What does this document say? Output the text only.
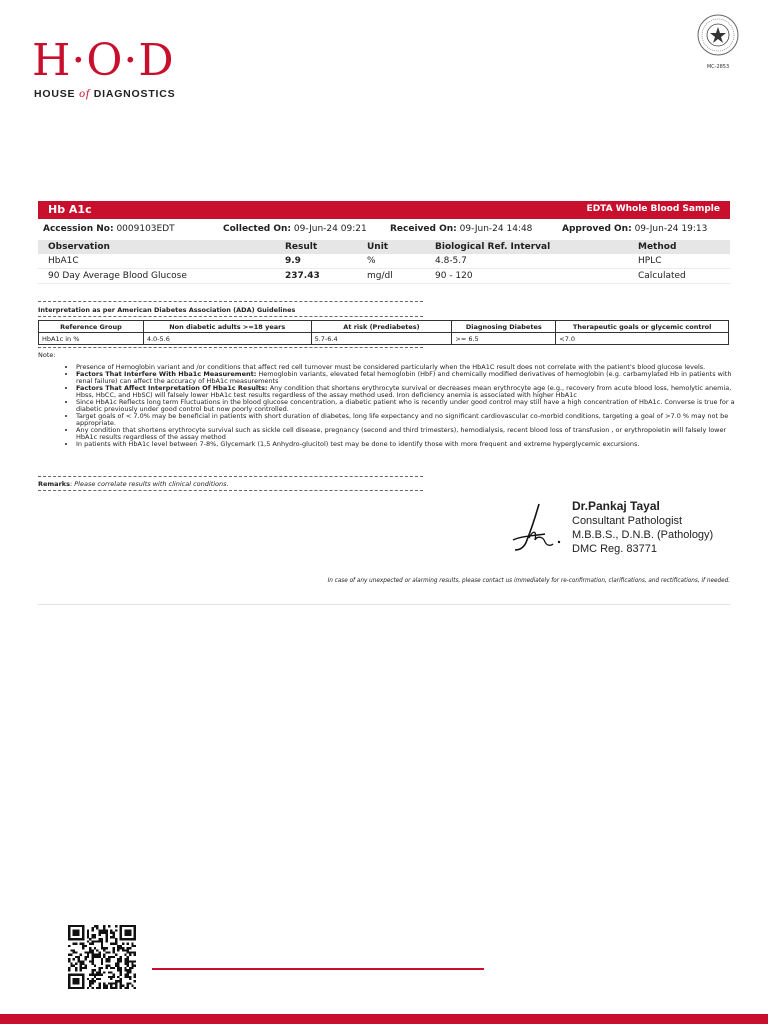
H·O·D
HOUSE of DIAGNOSTICS
MC-2853
Hb A1c	EDTA Whole Blood Sample
Accession No: 0009103EDT	Collected On: 09-Jun-24 09:21	Received On: 09-Jun-24 14:48	Approved On: 09-Jun-24 19:13
Observation	Result	Unit	Biological Ref. Interval	Method
HbA1C	9.9	%	4.8-5.7	HPLC
90 Day Average Blood Glucose	237.43	mg/dl	90 - 120	Calculated
Interpretation as per American Diabetes Association (ADA) Guidelines
Reference Group	Non diabetic adults >=18 years	At risk (Prediabetes)	Diagnosing Diabetes	Therapeutic goals or glycemic control
HbA1c in %	4.0-5.6	5.7-6.4	>= 6.5	<7.0
Note:
• Presence of Hemoglobin variant and /or conditions that affect red cell turnover must be considered particularly when the HbA1C result does not correlate with the patient's blood glucose levels.
• Factors That Interfere With Hba1c Measurement: Hemoglobin variants, elevated fetal hemoglobin (HbF) and chemically modified derivatives of hemoglobin (e.g. carbamylated Hb in patients with renal failure) can affect the accuracy of HbA1c measurements
• Factors That Affect Interpretation Of Hba1c Results: Any condition that shortens erythrocyte survival or decreases mean erythrocyte age (e.g., recovery from acute blood loss, hemolytic anemia, Hbss, HbCC, and HbSC) will falsely lower HbA1c test results regardless of the assay method used. Iron deficiency anemia is associated with higher HbA1c
• Since HbA1c Reflects long term Fluctuations in the blood glucose concentration, a diabetic patient who is recently under good control may still have a high concentration of HbA1c. Converse is true for a diabetic previously under good control but now poorly controlled.
• Target goals of < 7.0% may be beneficial in patients with short duration of diabetes, long life expectancy and no significant cardiovascular co-morbid conditions, targeting a goal of >7.0 % may not be appropriate.
• Any condition that shortens erythrocyte survival such as sickle cell disease, pregnancy (second and third trimesters), hemodialysis, recent blood loss of transfusion , or erythropoietin will falsely lower HbA1c results regardless of the assay method
• In patients with HbA1c level between 7-8%, Glycemark (1,5 Anhydro-glucitol) test may be done to identify those with more frequent and extreme hyperglycemic excursions.
Remarks: Please correlate results with clinical conditions.
Dr.Pankaj Tayal
Consultant Pathologist
M.B.B.S., D.N.B. (Pathology)
DMC Reg. 83771
In case of any unexpected or alarming results, please contact us immediately for re-confirmation, clarifications, and rectifications, if needed.
